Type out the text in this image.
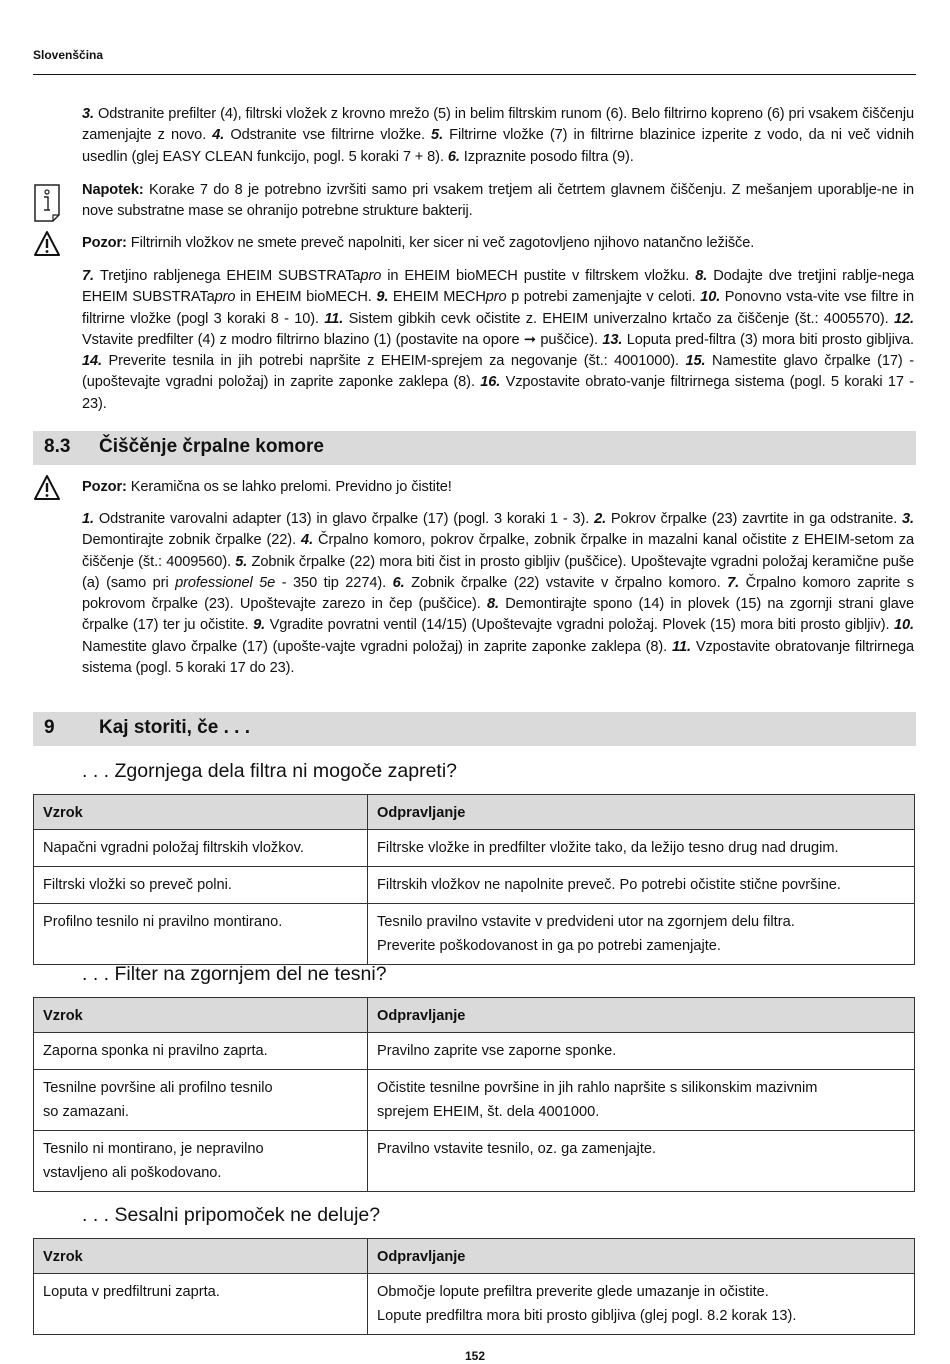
Slovenščina
3. Odstranite prefilter (4), filtrski vložek z krovno mrežo (5) in belim filtrskim runom (6). Belo filtrirno kopreno (6) pri vsakem čiščenju zamenjajte z novo. 4. Odstranite vse filtrirne vložke. 5. Filtrirne vložke (7) in filtrirne blazinice izperite z vodo, da ni več vidnih usedlin (glej EASY CLEAN funkcijo, pogl. 5 koraki 7 + 8). 6. Izpraznite posodo filtra (9).
Napotek: Korake 7 do 8 je potrebno izvršiti samo pri vsakem tretjem ali četrtem glavnem čiščenju. Z mešanjem uporablje-ne in nove substratne mase se ohranijo potrebne strukture bakterij.
Pozor: Filtrirnih vložkov ne smete preveč napolniti, ker sicer ni več zagotovljeno njihovo natančno ležišče.
7. Tretjino rabljenega EHEIM SUBSTRATapro in EHEIM bioMECH pustite v filtrskem vložku. 8. Dodajte dve tretjini rablje-nega EHEIM SUBSTRATapro in EHEIM bioMECH. 9. EHEIM MECHpro p potrebi zamenjajte v celoti. 10. Ponovno vsta-vite vse filtre in filtrirne vložke (pogl 3 koraki 8 - 10). 11. Sistem gibkih cevk očistite z. EHEIM univerzalno krtačo za čiščenje (št.: 4005570). 12. Vstavite predfilter (4) z modro filtrirno blazino (1) (postavite na opore ➞ puščice). 13. Loputa pred-filtra (3) mora biti prosto gibljiva. 14. Preverite tesnila in jih potrebi napršite z EHEIM-sprejem za negovanje (št.: 4001000). 15. Namestite glavo črpalke (17) - (upoštevajte vgradni položaj) in zaprite zaponke zaklepa (8). 16. Vzpostavite obrato-vanje filtrirnega sistema (pogl. 5 koraki 17 - 23).
8.3 Čiščěnje črpalne komore
Pozor: Keramična os se lahko prelomi. Previdno jo čistite!
1. Odstranite varovalni adapter (13) in glavo črpalke (17) (pogl. 3 koraki 1 - 3). 2. Pokrov črpalke (23) zavrtite in ga odstranite. 3. Demontirajte zobnik črpalke (22). 4. Črpalno komoro, pokrov črpalke, zobnik črpalke in mazalni kanal očistite z EHEIM-setom za čiščenje (št.: 4009560). 5. Zobnik črpalke (22) mora biti čist in prosto gibljiv (puščice). Upoštevajte vgradni položaj keramične puše (a) (samo pri professionel 5e - 350 tip 2274). 6. Zobnik črpalke (22) vstavite v črpalno komoro. 7. Črpalno komoro zaprite s pokrovom črpalke (23). Upoštevajte zarezo in čep (puščice). 8. Demontirajte spono (14) in plovek (15) na zgornji strani glave črpalke (17) ter ju očistite. 9. Vgradite povratni ventil (14/15) (Upoštevajte vgradni položaj. Plovek (15) mora biti prosto gibljiv). 10. Namestite glavo črpalke (17) (upošte-vajte vgradni položaj) in zaprite zaponke zaklepa (8). 11. Vzpostavite obratovanje filtrirnega sistema (pogl. 5 koraki 17 do 23).
9 Kaj storiti, če . . .
. . . Zgornjega dela filtra ni mogoče zapreti?
Vzrok	Odpravljanje
Napačni vgradni položaj filtrskih vložkov.	Filtrske vložke in predfilter vložite tako, da ležijo tesno drug nad drugim.
Filtrski vložki so preveč polni.	Filtrskih vložkov ne napolnite preveč. Po potrebi očistite stične površine.
Profilno tesnilo ni pravilno montirano.	Tesnilo pravilno vstavite v predvideni utor na zgornjem delu filtra.
Preverite poškodovanost in ga po potrebi zamenjajte.
. . . Filter na zgornjem del ne tesni?
Vzrok	Odpravljanje
Zaporna sponka ni pravilno zaprta.	Pravilno zaprite vse zaporne sponke.
Tesnilne površine ali profilno tesnilo
so zamazani.	Očistite tesnilne površine in jih rahlo napršite s silikonskim mazivnim
sprejem EHEIM, št. dela 4001000.
Tesnilo ni montirano, je nepravilno
vstavljeno ali poškodovano.	Pravilno vstavite tesnilo, oz. ga zamenjajte.
. . . Sesalni pripomoček ne deluje?
Vzrok	Odpravljanje
Loputa v predfiltruni zaprta.	Območje lopute prefiltra preverite glede umazanje in očistite.
Lopute predfiltra mora biti prosto gibljiva (glej pogl. 8.2 korak 13).
152
